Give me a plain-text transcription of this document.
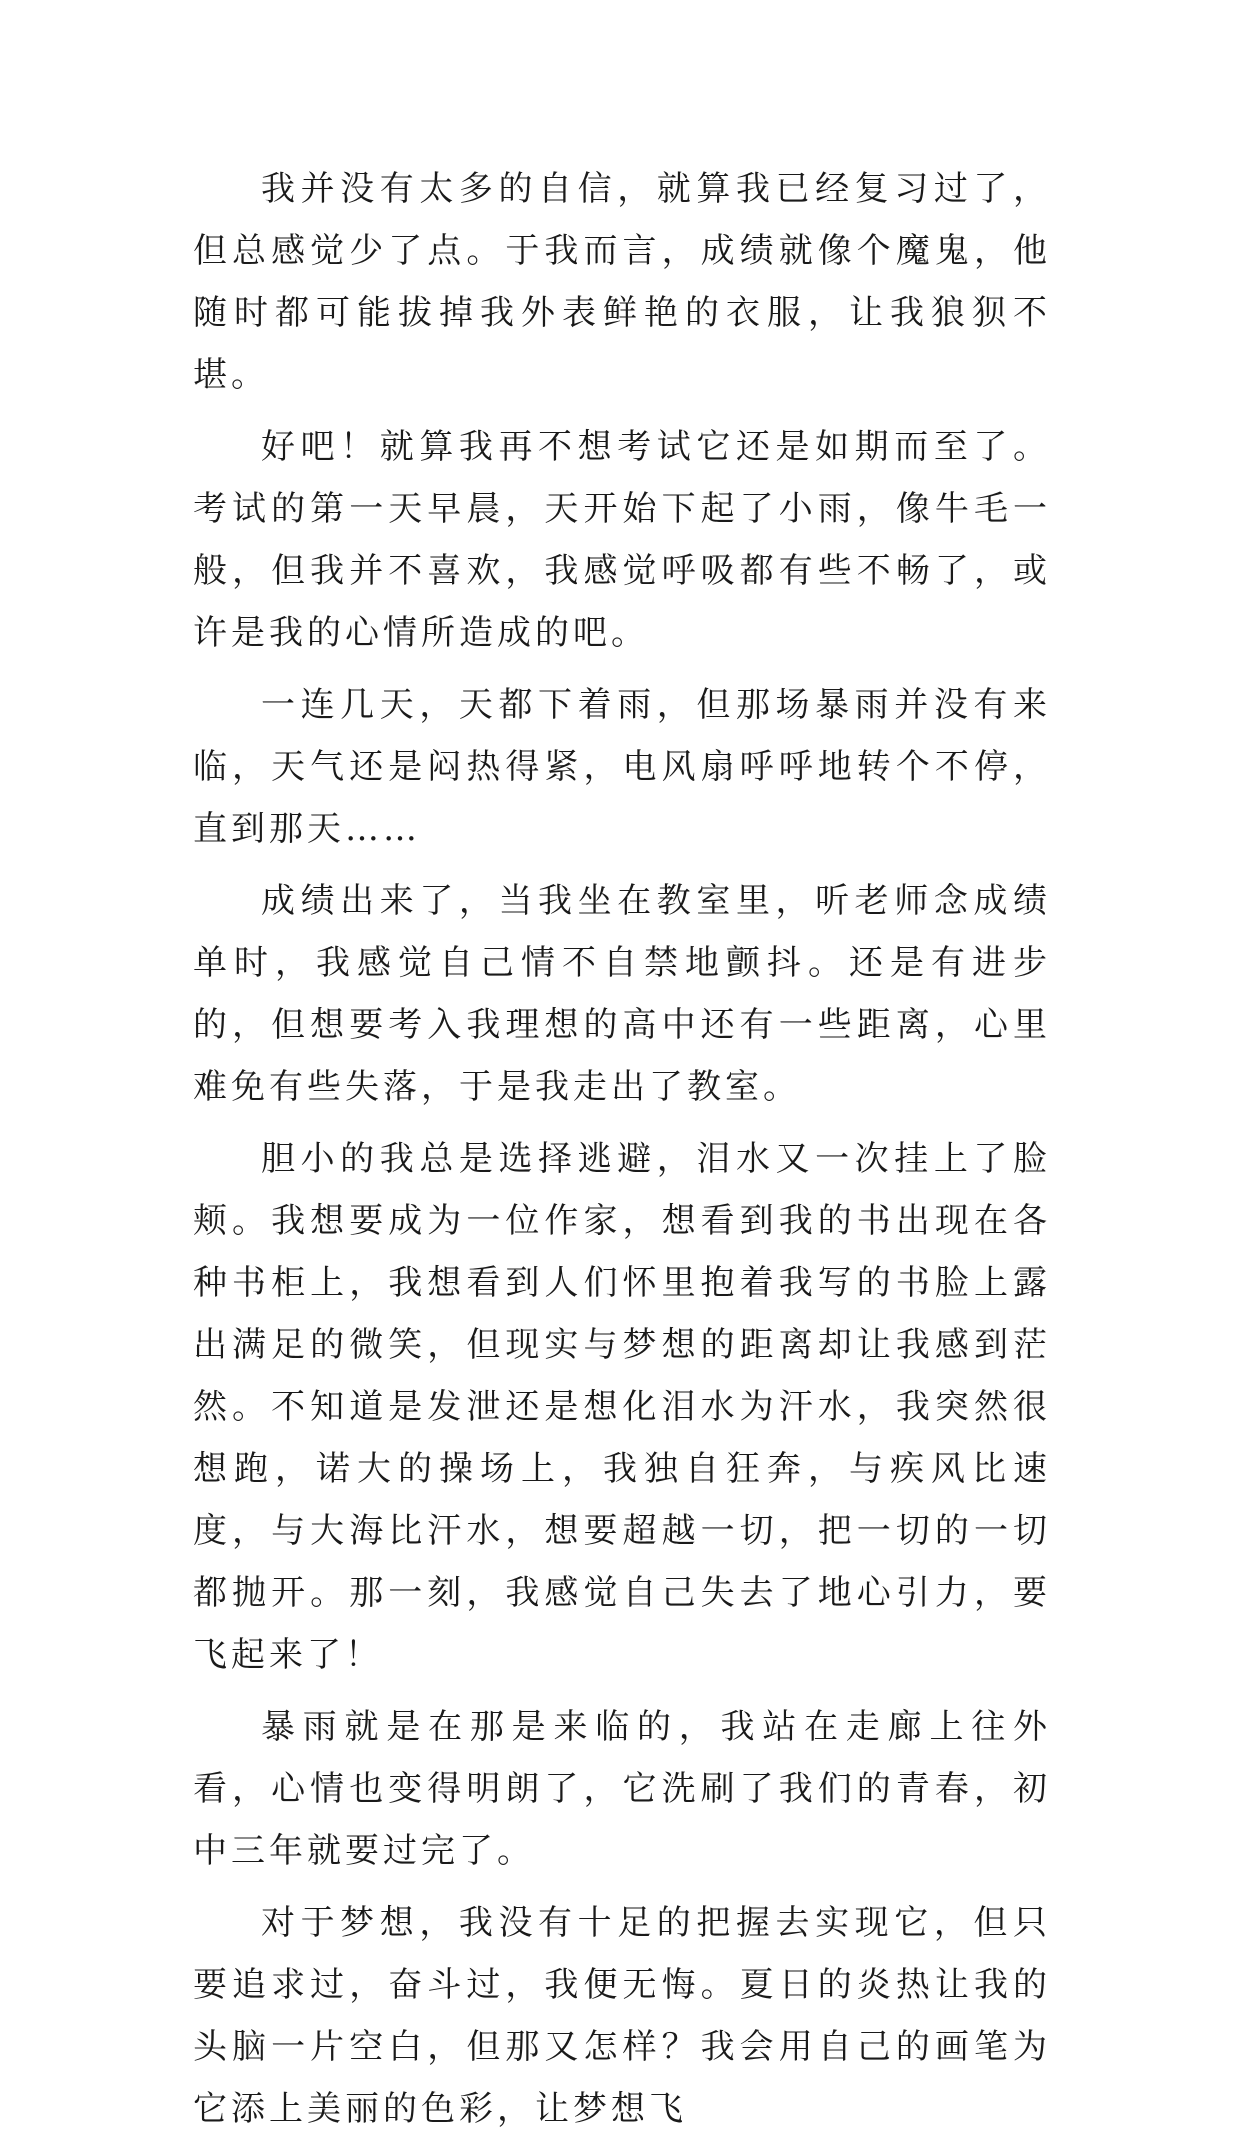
我并没有太多的自信，就算我已经复习过了，但总感觉少了点。于我而言，成绩就像个魔鬼，他随时都可能拔掉我外表鲜艳的衣服，让我狼狈不堪。

好吧！就算我再不想考试它还是如期而至了。考试的第一天早晨，天开始下起了小雨，像牛毛一般，但我并不喜欢，我感觉呼吸都有些不畅了，或许是我的心情所造成的吧。

一连几天，天都下着雨，但那场暴雨并没有来临，天气还是闷热得紧，电风扇呼呼地转个不停，直到那天……

成绩出来了，当我坐在教室里，听老师念成绩单时，我感觉自己情不自禁地颤抖。还是有进步的，但想要考入我理想的高中还有一些距离，心里难免有些失落，于是我走出了教室。

胆小的我总是选择逃避，泪水又一次挂上了脸颊。我想要成为一位作家，想看到我的书出现在各种书柜上，我想看到人们怀里抱着我写的书脸上露出满足的微笑，但现实与梦想的距离却让我感到茫然。不知道是发泄还是想化泪水为汗水，我突然很想跑，诺大的操场上，我独自狂奔，与疾风比速度，与大海比汗水，想要超越一切，把一切的一切都抛开。那一刻，我感觉自己失去了地心引力，要飞起来了！

暴雨就是在那是来临的，我站在走廊上往外看，心情也变得明朗了，它洗刷了我们的青春，初中三年就要过完了。

对于梦想，我没有十足的把握去实现它，但只要追求过，奋斗过，我便无悔。夏日的炎热让我的头脑一片空白，但那又怎样？我会用自己的画笔为它添上美丽的色彩，让梦想飞
